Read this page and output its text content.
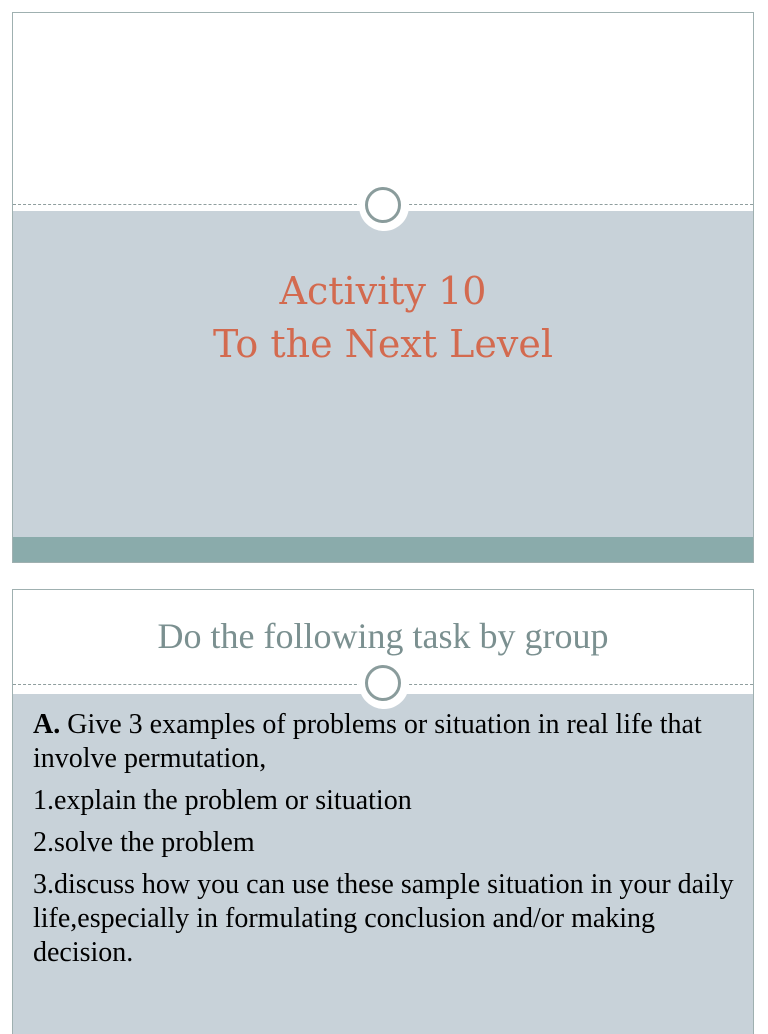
Activity 10
To the Next Level
Do the following task by group

A. Give 3 examples of problems or situation in real life that involve permutation,

1.explain the problem or situation

2.solve the problem

3.discuss how you can use these sample situation in your daily life,especially in formulating conclusion and/or making decision.
